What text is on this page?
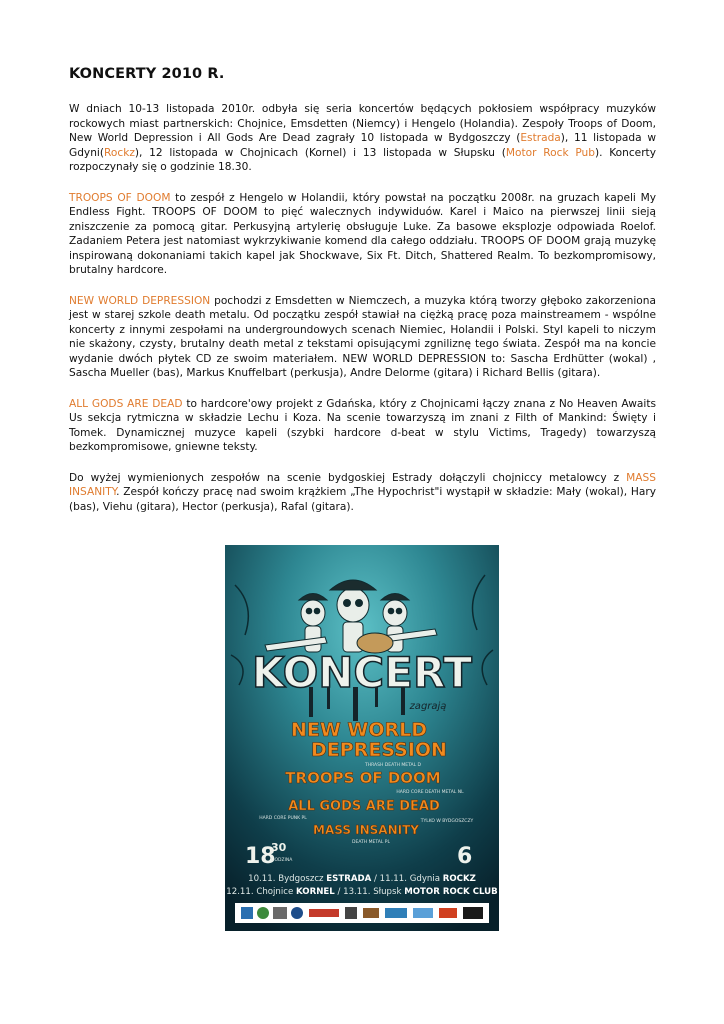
KONCERTY 2010 R.

W dniach 10-13 listopada 2010r. odbyła się seria koncertów będących pokłosiem współpracy muzyków rockowych miast partnerskich: Chojnice, Emsdetten (Niemcy) i Hengelo (Holandia). Zespoły Troops of Doom, New World Depression i All Gods Are Dead zagrały 10 listopada w Bydgoszczy (Estrada), 11 listopada w Gdyni(Rockz), 12 listopada w Chojnicach (Kornel) i 13 listopada w Słupsku (Motor Rock Pub). Koncerty rozpoczynały się o godzinie 18.30.

TROOPS OF DOOM to zespół z Hengelo w Holandii, który powstał na początku 2008r. na gruzach kapeli My Endless Fight. TROOPS OF DOOM to pięć walecznych indywiduów. Karel i Maico na pierwszej linii sieją zniszczenie za pomocą gitar. Perkusyjną artylerię obsługuje Luke. Za basowe eksplozje odpowiada Roelof. Zadaniem Petera jest natomiast wykrzykiwanie komend dla całego oddziału. TROOPS OF DOOM grają muzykę inspirowaną dokonaniami takich kapel jak Shockwave, Six Ft. Ditch, Shattered Realm. To bezkompromisowy, brutalny hardcore.

NEW WORLD DEPRESSION pochodzi z Emsdetten w Niemczech, a muzyka którą tworzy głęboko zakorzeniona jest w starej szkole death metalu. Od początku zespół stawiał na ciężką pracę poza mainstreamem - wspólne koncerty z innymi zespołami na undergroundowych scenach Niemiec, Holandii i Polski. Styl kapeli to niczym nie skażony, czysty, brutalny death metal z tekstami opisującymi zgniliznę tego świata. Zespół ma na koncie wydanie dwóch płytek CD ze swoim materiałem. NEW WORLD DEPRESSION to: Sascha Erdhütter (wokal) , Sascha Mueller (bas), Markus Knuffelbart (perkusja), Andre Delorme (gitara) i Richard Bellis (gitara).

ALL GODS ARE DEAD to hardcore'owy projekt z Gdańska, który z Chojnicami łączy znana z No Heaven Awaits Us sekcja rytmiczna w składzie Lechu i Koza. Na scenie towarzyszą im znani z Filth of Mankind: Święty i Tomek. Dynamicznej muzyce kapeli (szybki hardcore d-beat w stylu Victims, Tragedy) towarzyszą bezkompromisowe, gniewne teksty.

Do wyżej wymienionych zespołów na scenie bydgoskiej Estrady dołączyli chojniccy metalowcy z MASS INSANITY. Zespół kończy pracę nad swoim krążkiem „The Hypochrist"i wystąpił w składzie: Mały (wokal), Hary (bas), Viehu (gitara), Hector (perkusja), Rafal (gitara).

KONCERT
zagrają
NEW WORLD
DEPRESSION
THRASH DEATH METAL D
TROOPS OF DOOM
HARD CORE DEATH METAL NL
ALL GODS ARE DEAD
HARD CORE PUNK PL
MASS INSANITY
DEATH METAL PL
TYLKO W BYDGOSZCZY
18
30
GODZINA	6
10.11. Bydgoszcz ESTRADA / 11.11. Gdynia ROCKZ
12.11. Chojnice KORNEL / 13.11. Słupsk MOTOR ROCK CLUB
